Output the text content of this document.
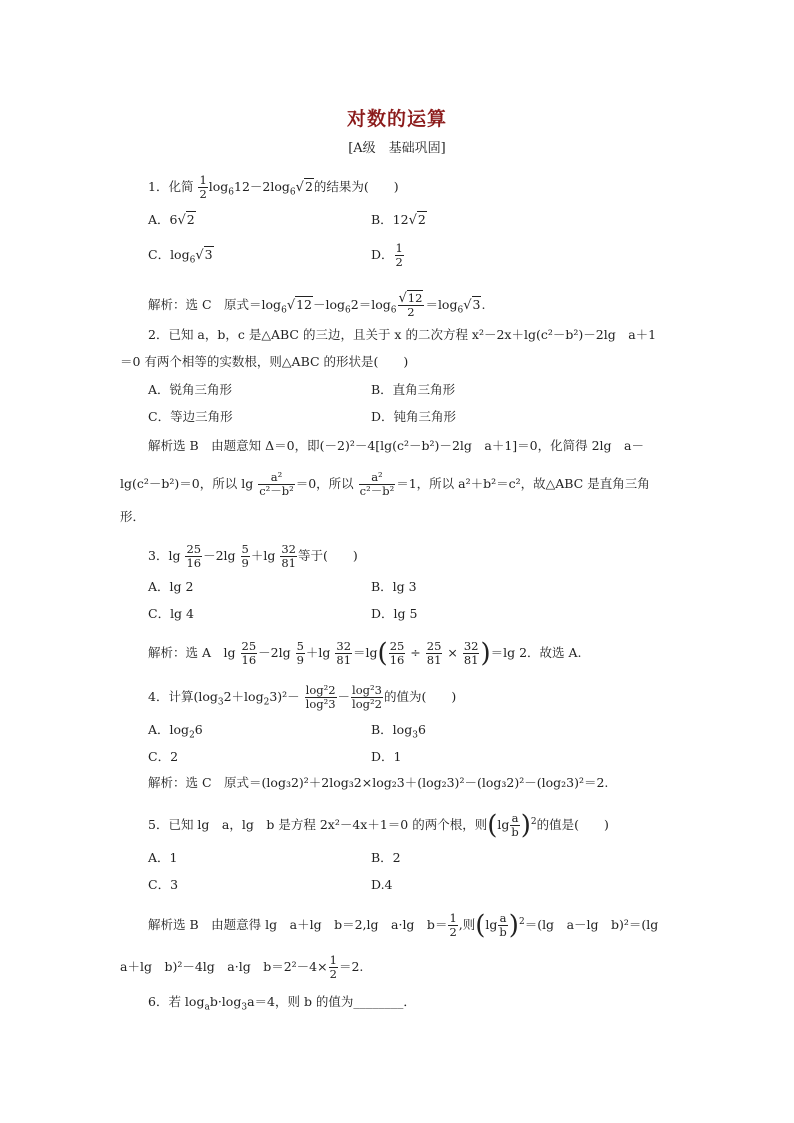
对数的运算
[A级　基础巩固]
1．化简 $\frac{1}{2} \log_612-2\log_6√2$的结果为(　　)
A．6√2	B．12√2
C．$\log_6√3$	D． $\frac{1}{2}$
解析：选 C　原式$=\log_6√12-\log_62=\log_6 \frac{√12}{2} =\log_6√3$.
2．已知 a，b，c 是△ABC 的三边，且关于 x 的二次方程 x²－2x＋lg(c²－b²)－2lg　a＋1
＝0 有两个相等的实数根，则△ABC 的形状是(　　)
A．锐角三角形	B．直角三角形
C．等边三角形	D．钝角三角形
解析选 B　由题意知 Δ＝0，即(－2)²－4[lg(c²－b²)－2lg　a＋1]＝0，化简得 2lg　a－
lg(c²－b²)＝0，所以 $\lg \frac{\text{a²}}{\text{c²－b²}} =0$，所以 $\frac{\text{a²}}{\text{c²－b²}} =1$，所以 a²＋b²＝c²，故△ABC 是直角三角
形．
3．$\lg \frac{25}{16} -2\lg \frac{5}{9} +\lg \frac{32}{81}$ 等于(　　)
A．lg 2	B．lg 3
C．lg 4	D．lg 5
解析：选 A　$\lg \frac{25}{16} -2\lg \frac{5}{9} +\lg \frac{32}{81} =\lg( \frac{25}{16} \div \frac{25}{81} \times \frac{32}{81} )=\lg$ 2．故选 A.
4．计算$(\log_32+\log_23)^2- \frac{\text{log²2}}{\text{log²3}} - \frac{\text{log²3}}{\text{log²2}}$ 的值为(　　)
A．$\log_26$	B．$\log_36$
C．2	D．1
解析：选 C　原式＝(log₃2)²＋2log₃2×log₂3＋(log₂3)²－(log₃2)²－(log₂3)²＝2.
5．已知 lg　a，lg　b 是方程 2x²－4x＋1＝0 的两个根，则$(\lg \frac{a}{b} )^2$的值是(　　)
A．1	B．2
C．3	D.4
解析选 B　由题意得 lg　a＋lg　b＝2,lg　a·lg　$b= \frac{1}{2}$ ,则$(\lg \frac{a}{b} )^2=(\lg$　a－lg　b)²＝(lg
a＋lg　b)²－4lg　a·lg　$b=2^2-4\times \frac{1}{2} =2$.
6．若 $\log_ab\cdot\log_3a=4$，则 b 的值为________．
